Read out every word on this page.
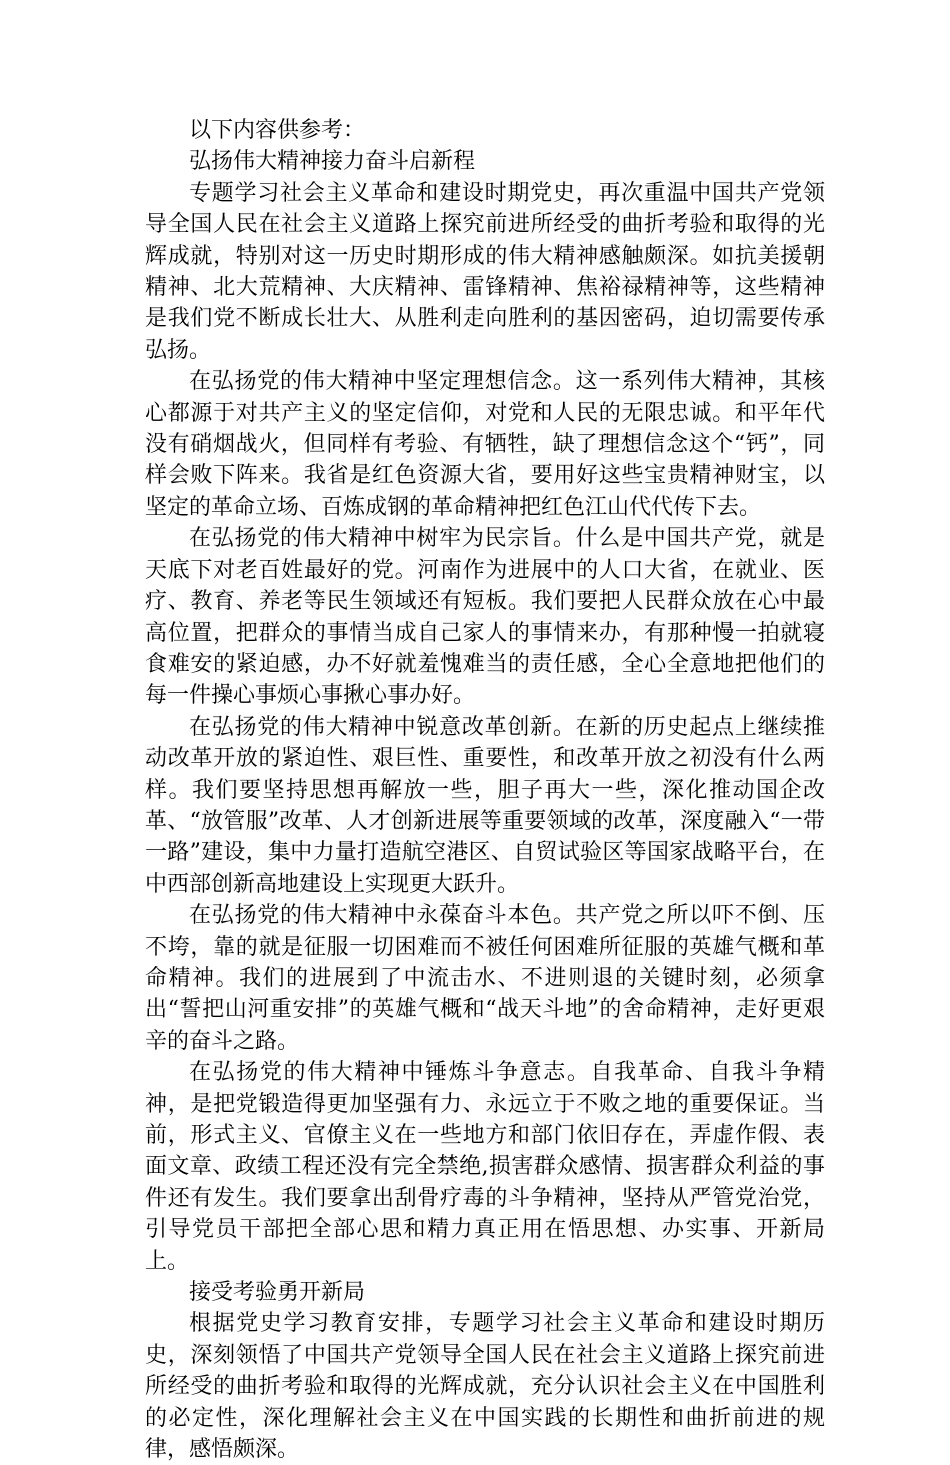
以下内容供参考：

弘扬伟大精神接力奋斗启新程

专题学习社会主义革命和建设时期党史，再次重温中国共产党领导全国人民在社会主义道路上探究前进所经受的曲折考验和取得的光辉成就，特别对这一历史时期形成的伟大精神感触颇深。如抗美援朝精神、北大荒精神、大庆精神、雷锋精神、焦裕禄精神等，这些精神是我们党不断成长壮大、从胜利走向胜利的基因密码，迫切需要传承弘扬。

在弘扬党的伟大精神中坚定理想信念。这一系列伟大精神，其核心都源于对共产主义的坚定信仰，对党和人民的无限忠诚。和平年代没有硝烟战火，但同样有考验、有牺牲，缺了理想信念这个“钙”，同样会败下阵来。我省是红色资源大省，要用好这些宝贵精神财宝，以坚定的革命立场、百炼成钢的革命精神把红色江山代代传下去。

在弘扬党的伟大精神中树牢为民宗旨。什么是中国共产党，就是天底下对老百姓最好的党。河南作为进展中的人口大省，在就业、医疗、教育、养老等民生领域还有短板。我们要把人民群众放在心中最高位置，把群众的事情当成自己家人的事情来办，有那种慢一拍就寝食难安的紧迫感，办不好就羞愧难当的责任感，全心全意地把他们的每一件操心事烦心事揪心事办好。

在弘扬党的伟大精神中锐意改革创新。在新的历史起点上继续推动改革开放的紧迫性、艰巨性、重要性，和改革开放之初没有什么两样。我们要坚持思想再解放一些，胆子再大一些，深化推动国企改革、“放管服”改革、人才创新进展等重要领域的改革，深度融入“一带一路”建设，集中力量打造航空港区、自贸试验区等国家战略平台，在中西部创新高地建设上实现更大跃升。

在弘扬党的伟大精神中永葆奋斗本色。共产党之所以吓不倒、压不垮，靠的就是征服一切困难而不被任何困难所征服的英雄气概和革命精神。我们的进展到了中流击水、不进则退的关键时刻，必须拿出“誓把山河重安排”的英雄气概和“战天斗地”的舍命精神，走好更艰辛的奋斗之路。

在弘扬党的伟大精神中锤炼斗争意志。自我革命、自我斗争精神，是把党锻造得更加坚强有力、永远立于不败之地的重要保证。当前，形式主义、官僚主义在一些地方和部门依旧存在，弄虚作假、表面文章、政绩工程还没有完全禁绝,损害群众感情、损害群众利益的事件还有发生。我们要拿出刮骨疗毒的斗争精神，坚持从严管党治党，引导党员干部把全部心思和精力真正用在悟思想、办实事、开新局上。

接受考验勇开新局

根据党史学习教育安排，专题学习社会主义革命和建设时期历史，深刻领悟了中国共产党领导全国人民在社会主义道路上探究前进所经受的曲折考验和取得的光辉成就，充分认识社会主义在中国胜利的必定性，深化理解社会主义在中国实践的长期性和曲折前进的规律，感悟颇深。
